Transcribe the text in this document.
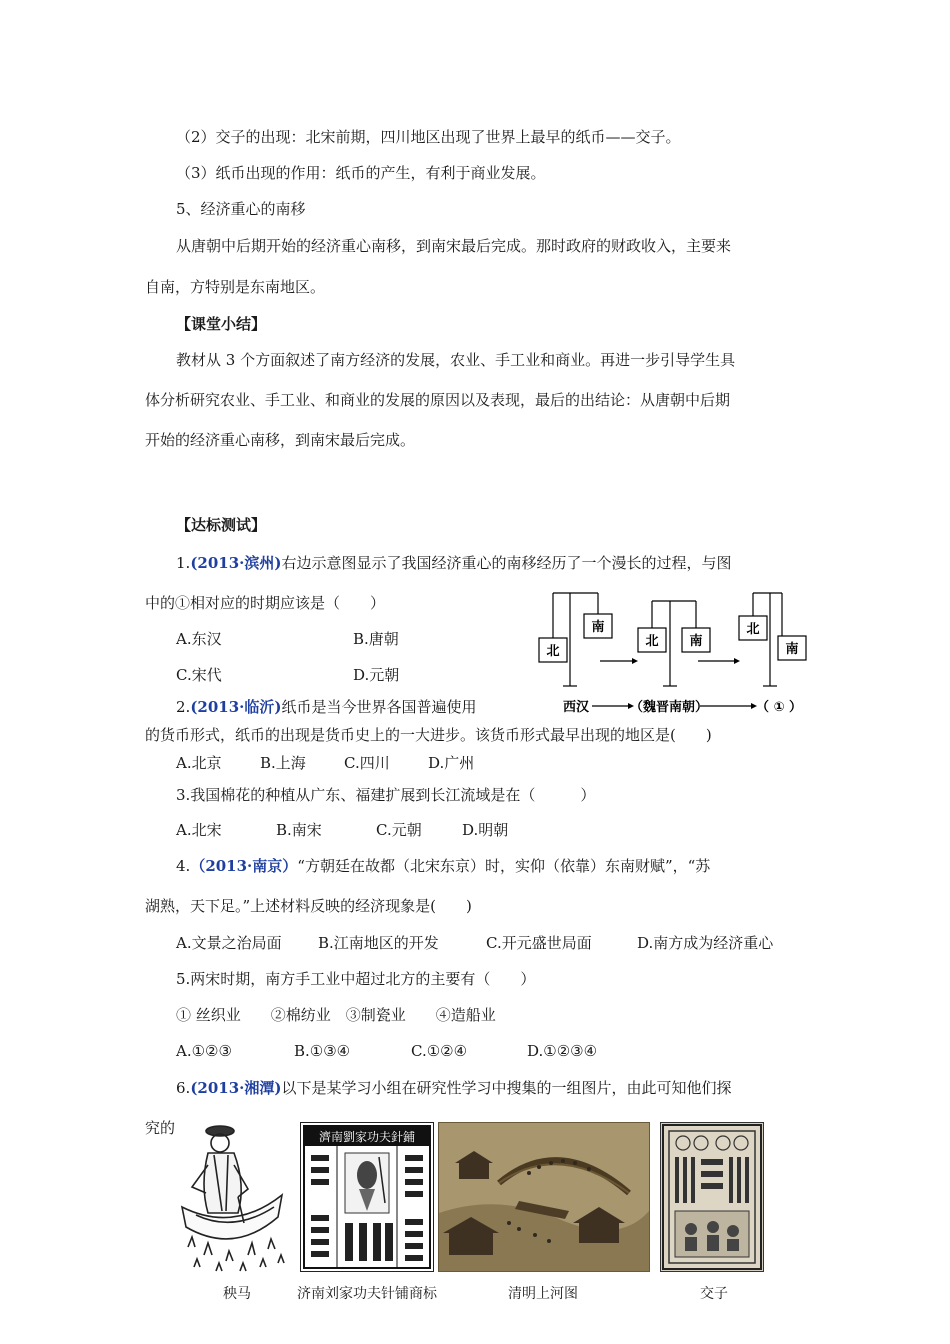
（2）交子的出现：北宋前期，四川地区出现了世界上最早的纸币——交子。
（3）纸币出现的作用：纸币的产生，有利于商业发展。
5、经济重心的南移
从唐朝中后期开始的经济重心南移，到南宋最后完成。那时政府的财政收入，主要来
自南，方特别是东南地区。
【课堂小结】
教材从 3 个方面叙述了南方经济的发展，农业、手工业和商业。再进一步引导学生具
体分析研究农业、手工业、和商业的发展的原因以及表现，最后的出结论：从唐朝中后期
开始的经济重心南移，到南宋最后完成。
【达标测试】
1.(2013·滨州)右边示意图显示了我国经济重心的南移经历了一个漫长的过程，与图
中的①相对应的时期应该是（　　）
A.东汉	B.唐朝
C.宋代	D.元朝
北
南
北 南
北
南
西汉	（魏晋南朝）	（ ① ）
2.(2013·临沂)纸币是当今世界各国普遍使用
的货币形式，纸币的出现是货币史上的一大进步。该货币形式最早出现的地区是(　　)
A.北京	B.上海	C.四川	D.广州
3.我国棉花的种植从广东、福建扩展到长江流域是在（　　　）
A.北宋	B.南宋	C.元朝	D.明朝
4.（2013·南京）“方朝廷在故都（北宋东京）时，实仰（依靠）东南财赋”，“苏
湖熟，天下足。”上述材料反映的经济现象是(　　)
A.文景之治局面 B.江南地区的开发	C.开元盛世局面	D.南方成为经济重心
5.两宋时期，南方手工业中超过北方的主要有（　　）
① 丝织业　　②棉纺业　③制瓷业　　④造船业
A.①②③	B.①③④	C.①②④	D.①②③④
6.(2013·湘潭)以下是某学习小组在研究性学习中搜集的一组图片，由此可知他们探
究的	濟南劉家功夫針鋪
秧马	济南刘家功夫针铺商标	清明上河图	交子
